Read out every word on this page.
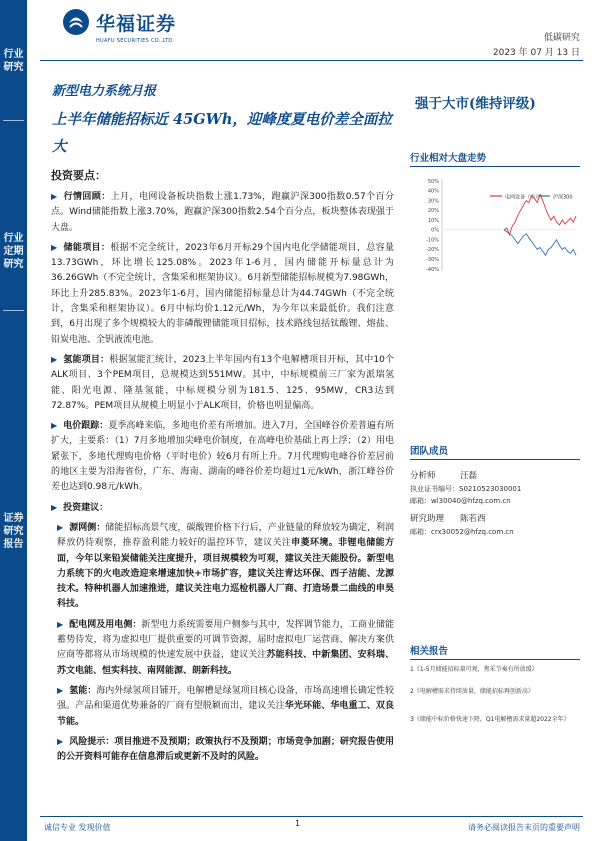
行业研究
行业定期研究
证券研究报告
华福证券
HUAFU SECURITIES CO.,LTD.	低碳研究
2023 年 07 月 13 日
新型电力系统月报
上半年储能招标近 45GWh，迎峰度夏电价差全面拉大
强于大市(维持评级)
投资要点：
▶ 行情回顾：上月，电网设备板块指数上涨1.73%，跑赢沪深300指数0.57个百分点。Wind储能指数上涨3.70%，跑赢沪深300指数2.54个百分点，板块整体表现强于大盘。
▶ 储能项目：根据不完全统计，2023年6月开标29个国内电化学储能项目，总容量13.73GWh，环比增长125.08%。2023年1-6月，国内储能开标量总计为36.26GWh（不完全统计，含集采和框架协议）。6月新型储能招标规模为7.98GWh，环比上升285.83%。2023年1-6月，国内储能招标量总计为44.74GWh（不完全统计，含集采和框架协议）。6月中标均价1.12元/Wh，为今年以来最低价。我们注意到，6月出现了多个规模较大的非磷酸锂储能项目招标，技术路线包括钛酸锂、熔盐、铅炭电池、全钒液流电池。
▶ 氢能项目：根据氢能汇统计，2023上半年国内有13个电解槽项目开标，其中10个ALK项目、3个PEM项目，总规模达到551MW。其中，中标规模前三厂家为派瑞氢能、阳光电源、隆基氢能，中标规模分别为181.5、125、95MW，CR3达到72.87%。PEM项目从规模上明显小于ALK项目，价格也明显偏高。
▶ 电价跟踪：夏季高峰来临，多地电价差有所增加。进入7月，全国峰谷价差普遍有所扩大，主要系：（1）7月多地增加尖峰电价制度，在高峰电价基础上再上浮；（2）用电紧张下，多地代理购电价格（平时电价）较6月有所上升。7月代理购电峰谷价差居前的地区主要为沿海省份，广东、海南、湖南的峰谷价差均超过1元/kWh，浙江峰谷价差也达到0.98元/kWh。
▶ 投资建议：
▶ 源网侧：储能招标高景气度，碳酸锂价格下行后，产业链量的释放较为确定，利润释放仍待观察，推荐盈利能力较好的温控环节，建议关注申菱环境。非锂电储能方面，今年以来铅炭储能关注度提升，项目规模较为可观，建议关注天能股份。新型电力系统下的火电改造迎来增速加快+市场扩容，建议关注青达环保、西子洁能、龙源技术。特种机器人加速推进，建议关注电力巡检机器人厂商、打造场景二曲线的申昊科技。
▶ 配电网及用电侧：新型电力系统需要用户侧参与其中，发挥调节能力，工商业储能蓄势待发，将为虚拟电厂提供重要的可调节资源，届时虚拟电厂运营商、解决方案供应商等都将从市场规模的快速发展中获益，建议关注苏能科技、中新集团、安科瑞、苏文电能、恒实科技、南网能源、朗新科技。
▶ 氢能：海内外绿氢项目铺开，电解槽是绿氢项目核心设备，市场高速增长确定性较强。产品和渠道优势兼备的厂商有望脱颖而出，建议关注华光环能、华电重工、双良节能。
▶ 风险提示：项目推进不及预期；政策执行不及预期；市场竞争加剧；研究报告使用的公开资料可能存在信息滞后或更新不及时的风险。
行业相对大盘走势
50%
40%
30%
20%
10%
0%
-10%
-20%
-30%
-40%
电网设备（申万） 沪深300
团队成员
分析师	汪磊
执业证书编号：S0210523030001
邮箱：wl30040@hfzq.com.cn
研究助理	陈若西
邮箱：crx30052@hfzq.com.cn
相关报告
1《1-5月储能招标量可观，焦采节奏有所放缓》
2《电解槽需求持续放量，储能招标再创新高》
3《储能中标价格快速下降，Q1电解槽需求量超2022全年》
诚信专业 发现价值	1	请务必阅读报告末页的重要声明
